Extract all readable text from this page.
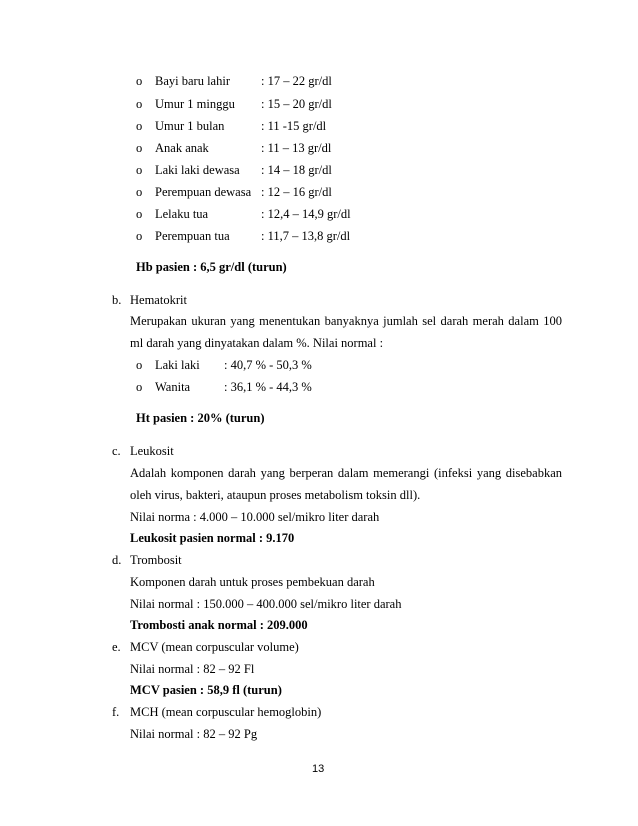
o Bayi baru lahir : 17 – 22 gr/dl
o Umur 1 minggu : 15 – 20 gr/dl
o Umur 1 bulan	: 11 -15 gr/dl
o Anak anak	: 11 – 13 gr/dl
o Laki laki dewasa : 14 – 18 gr/dl
o Perempuan dewasa : 12 – 16 gr/dl
o Lelaku tua	: 12,4 – 14,9 gr/dl
o Perempuan tua	: 11,7 – 13,8 gr/dl
Hb pasien : 6,5 gr/dl (turun)
b. Hematokrit
Merupakan ukuran yang menentukan banyaknya jumlah sel darah merah dalam 100
ml darah yang dinyatakan dalam %. Nilai normal :
o Laki laki : 40,7 % - 50,3 %
o Wanita	: 36,1 % - 44,3 %
Ht pasien : 20% (turun)
c. Leukosit
Adalah komponen darah yang berperan dalam memerangi (infeksi yang disebabkan
oleh virus, bakteri, ataupun proses metabolism toksin dll).
Nilai norma : 4.000 – 10.000 sel/mikro liter darah
Leukosit pasien normal : 9.170
d. Trombosit
Komponen darah untuk proses pembekuan darah
Nilai normal : 150.000 – 400.000 sel/mikro liter darah
Trombosti anak normal : 209.000
e. MCV (mean corpuscular volume)
Nilai normal : 82 – 92 Fl
MCV pasien : 58,9 fl (turun)
f. MCH (mean corpuscular hemoglobin)
Nilai normal : 82 – 92 Pg
13
